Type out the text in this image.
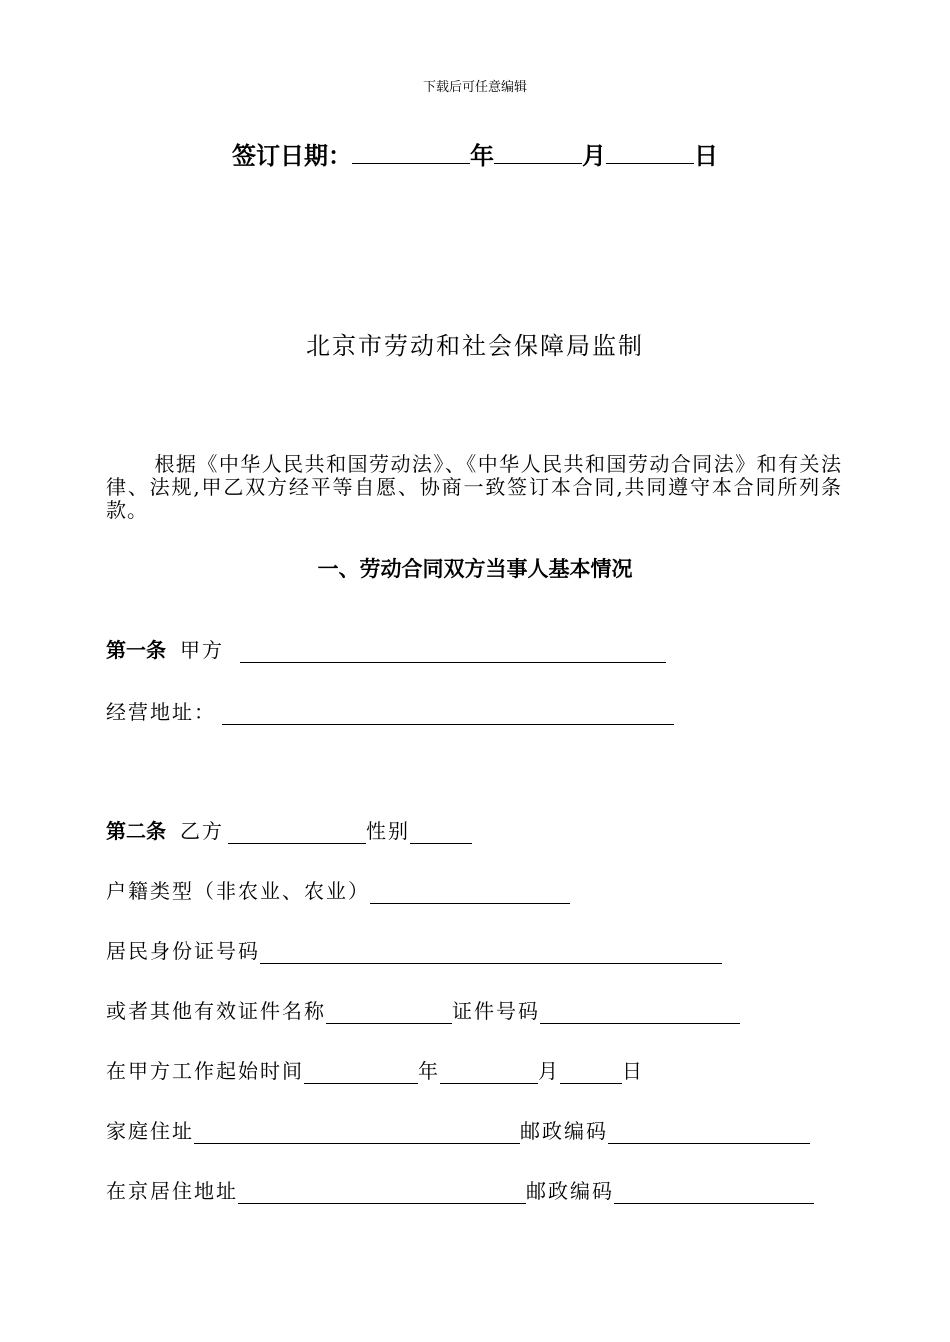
下载后可任意编辑
签订日期：	年	月	日
北京市劳动和社会保障局监制
根据《中华人民共和国劳动法》、《中华人民共和国劳动合同法》和有关法律、法规,甲乙双方经平等自愿、协商一致签订本合同,共同遵守本合同所列条款。
一、劳动合同双方当事人基本情况
第一条 甲方
经营地址：
第二条 乙方	性别
户籍类型（非农业、农业）
居民身份证号码
或者其他有效证件名称	证件号码
在甲方工作起始时间	年	月	日
家庭住址	邮政编码
在京居住地址	邮政编码
